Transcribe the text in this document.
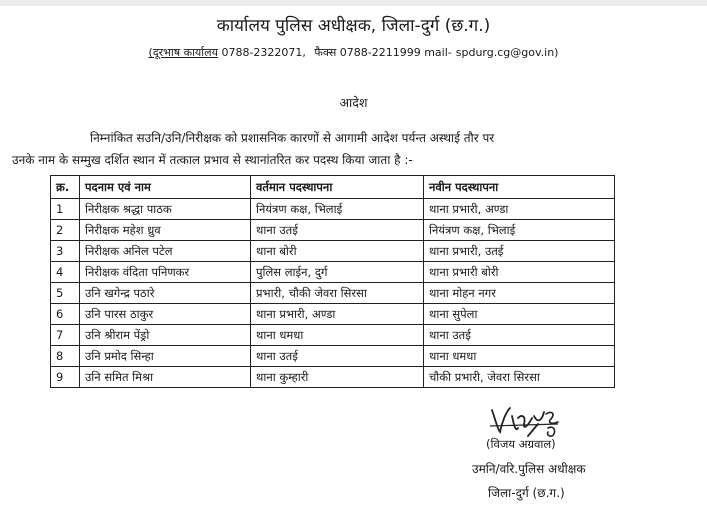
कार्यालय पुलिस अधीक्षक, जिला-दुर्ग (छ.ग.)
(दूरभाष कार्यालय 0788-2322071, फैक्स 0788-2211999 mail- spdurg.cg@gov.in)
आदेश
निम्नांकित सउनि/उनि/निरीक्षक को प्रशासनिक कारणों से आगामी आदेश पर्यन्त अस्थाई तौर पर
उनके नाम के सम्मुख दर्शित स्थान में तत्काल प्रभाव से स्थानांतरित कर पदस्थ किया जाता है :-
क्र.	पदनाम एवं नाम	वर्तमान पदस्थापना	नवीन पदस्थापना
1	निरीक्षक श्रद्धा पाठक	नियंत्रण कक्ष, भिलाई	थाना प्रभारी, अण्डा
2	निरीक्षक महेश ध्रुव	थाना उतई	नियंत्रण कक्ष, भिलाई
3	निरीक्षक अनिल पटेल	थाना बोरी	थाना प्रभारी, उतई
4	निरीक्षक वंदिता पनिणकर	पुलिस लाईन, दुर्ग	थाना प्रभारी बोरी
5	उनि खगेन्द्र पठारे	प्रभारी, चौकी जेवरा सिरसा	थाना मोहन नगर
6	उनि पारस ठाकुर	थाना प्रभारी, अण्डा	थाना सुपेला
7	उनि श्रीराम पेंड्रो	थाना धमधा	थाना उतई
8	उनि प्रमोद सिन्हा	थाना उतई	थाना धमधा
9	उनि समित मिश्रा	थाना कुम्हारी	चौकी प्रभारी, जेवरा सिरसा
(विजय अग्रवाल)
उमनि/वरि.पुलिस अधीक्षक
जिला-दुर्ग (छ.ग.)
